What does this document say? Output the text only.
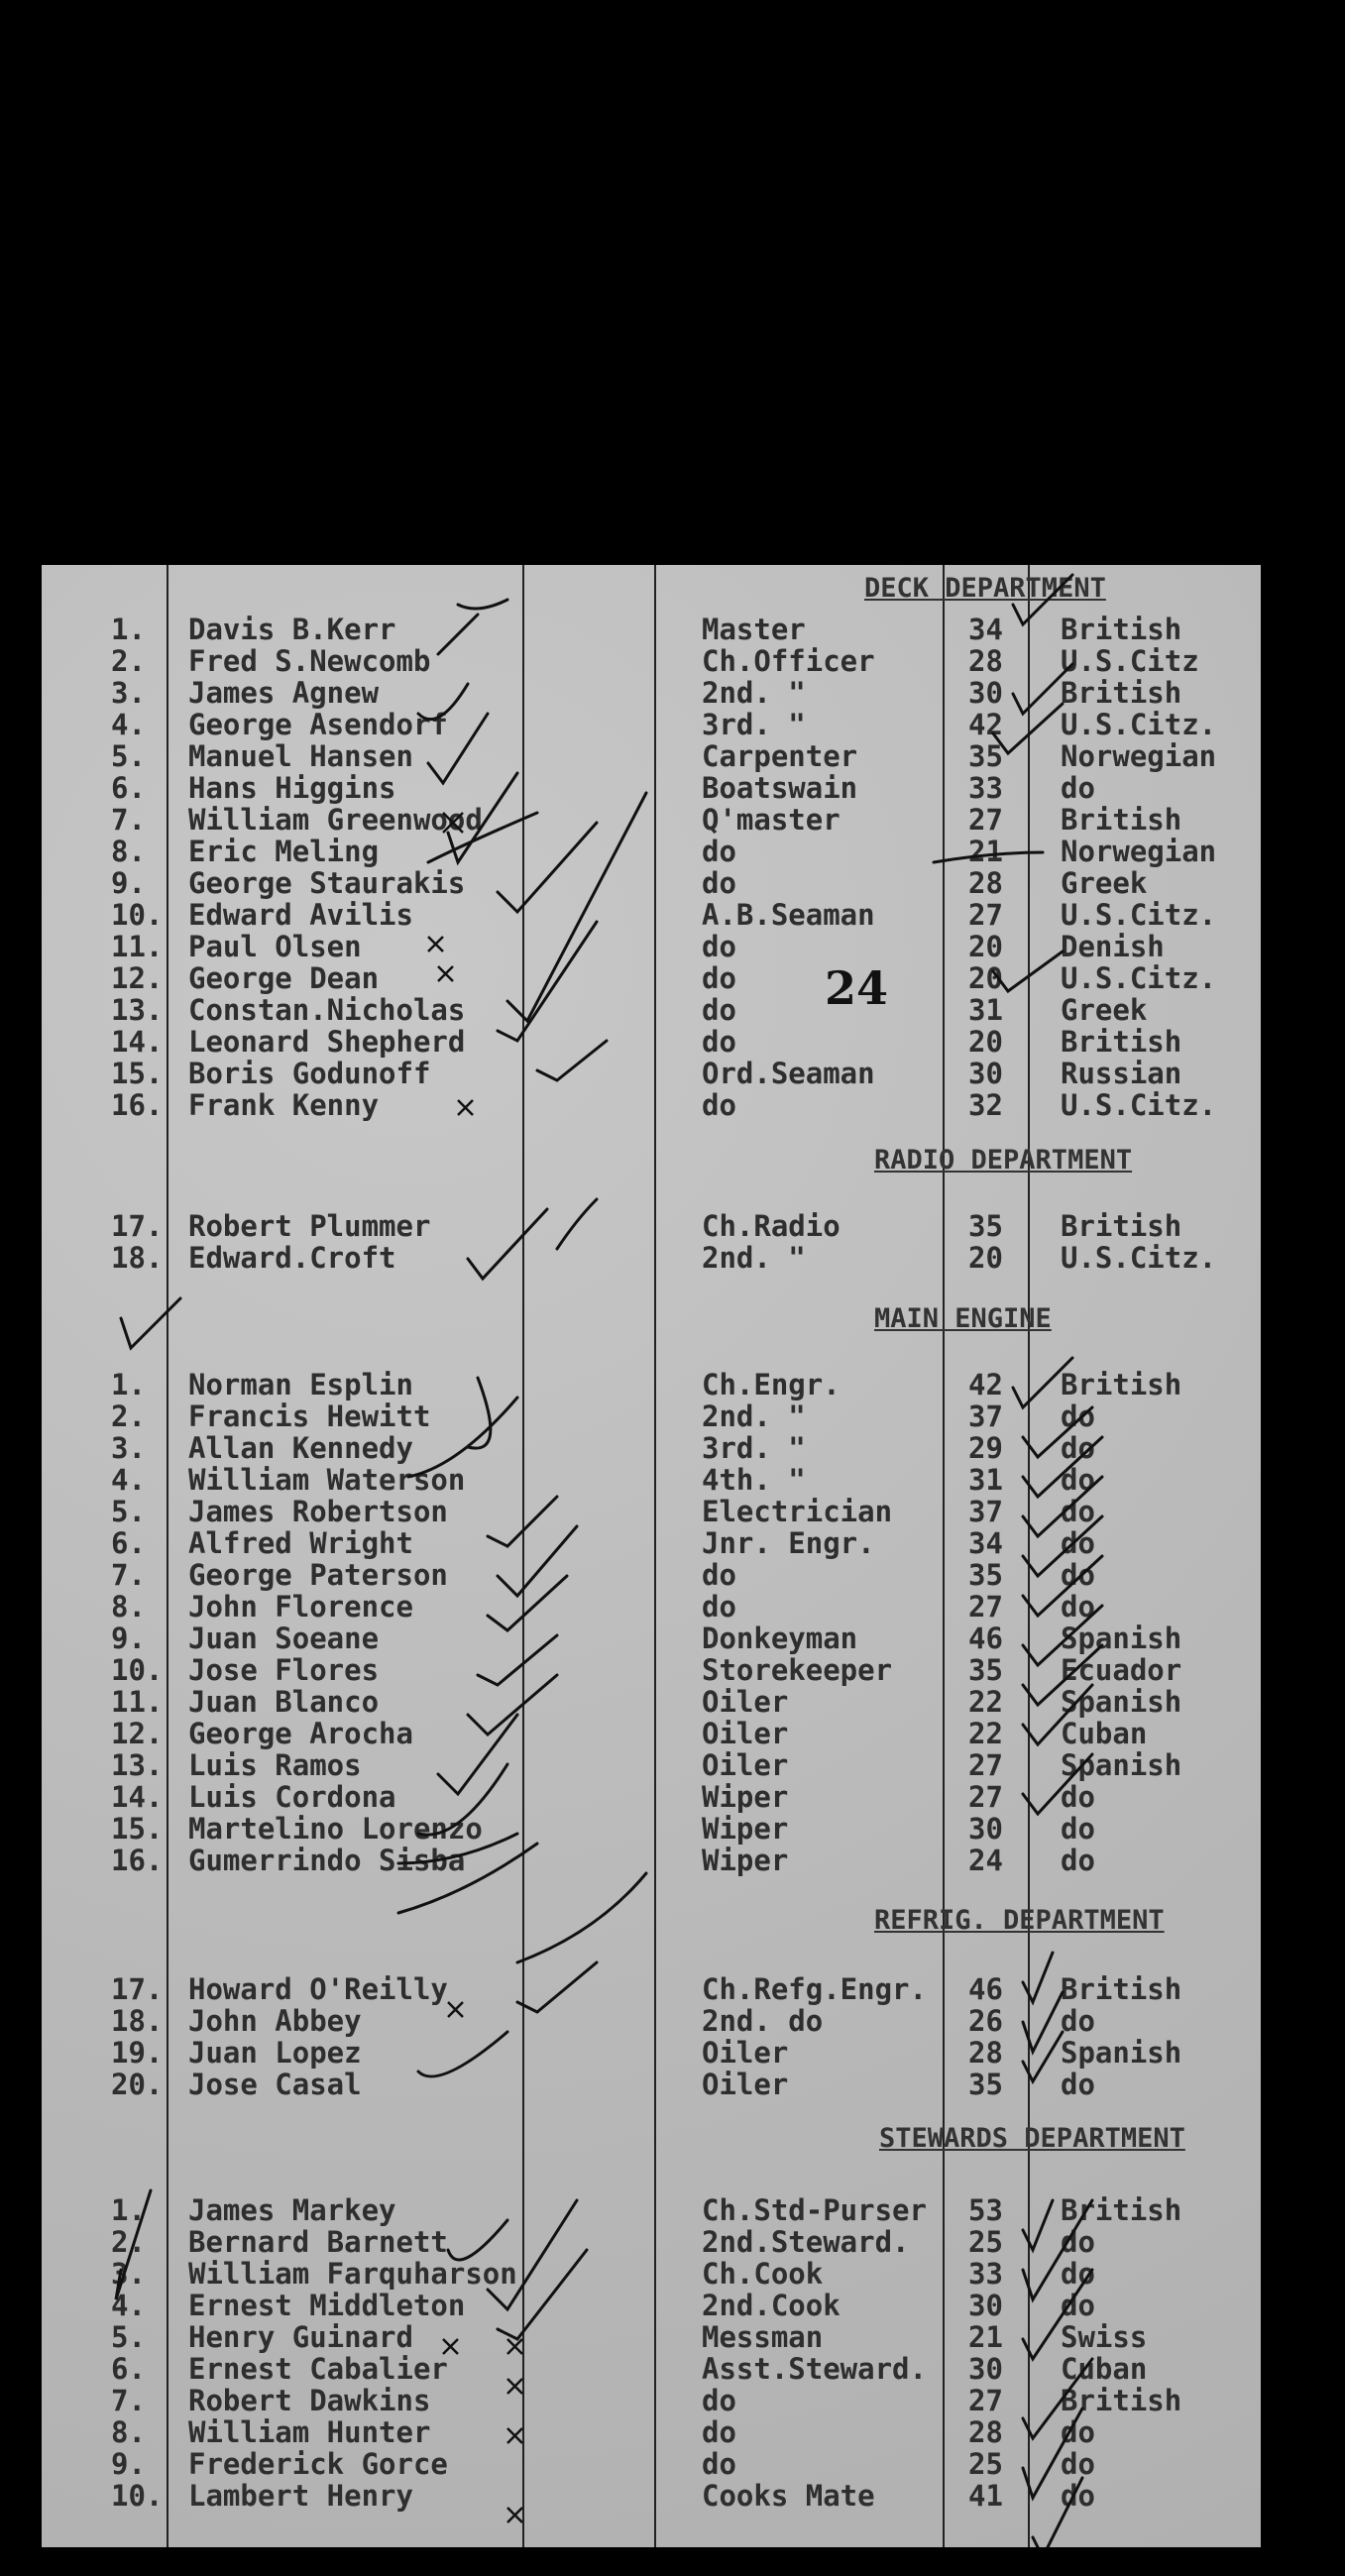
24
DECK DEPARTMENT
1. Davis B.Kerr	Master	34 British
2. Fred S.Newcomb	Ch.Officer	28 U.S.Citz
3. James Agnew	2nd. "	30 British
4. George Asendorf	3rd. "	42 U.S.Citz.
5. Manuel Hansen	Carpenter	35 Norwegian
6. Hans Higgins	Boatswain	33 do
7. William Greenwood	Q'master	27 British
8. Eric Meling	do	21 Norwegian
9. George Staurakis	do	28 Greek
10. Edward Avilis	A.B.Seaman	27 U.S.Citz.
11. Paul Olsen	do	20 Denish
12. George Dean	do	20 U.S.Citz.
13. Constan.Nicholas	do	31 Greek
14. Leonard Shepherd	do	20 British
15. Boris Godunoff	Ord.Seaman	30 Russian
16. Frank Kenny	do	32 U.S.Citz.
RADIO DEPARTMENT
17. Robert Plummer	Ch.Radio	35 British
18. Edward.Croft	2nd. "	20 U.S.Citz.
MAIN ENGINE
1. Norman Esplin	Ch.Engr.	42 British
2. Francis Hewitt	2nd. "	37 do
3. Allan Kennedy	3rd. "	29 do
4. William Waterson	4th. "	31 do
5. James Robertson	Electrician	37 do
6. Alfred Wright	Jnr. Engr.	34 do
7. George Paterson	do	35 do
8. John Florence	do	27 do
9. Juan Soeane	Donkeyman	46 Spanish
10. Jose Flores	Storekeeper	35 Ecuador
11. Juan Blanco	Oiler	22 Spanish
12. George Arocha	Oiler	22 Cuban
13. Luis Ramos	Oiler	27 Spanish
14. Luis Cordona	Wiper	27 do
15. Martelino Lorenzo	Wiper	30 do
16. Gumerrindo Sisba	Wiper	24 do
REFRIG. DEPARTMENT
17. Howard O'Reilly	Ch.Refg.Engr. 46 British
18. John Abbey	2nd. do	26 do
19. Juan Lopez	Oiler	28 Spanish
20. Jose Casal	Oiler	35 do
STEWARDS DEPARTMENT
1. James Markey	Ch.Std-Purser 53 British
2. Bernard Barnett	2nd.Steward. 25 do
3. William Farquharson	Ch.Cook	33 do
4. Ernest Middleton	2nd.Cook	30 do
5. Henry Guinard	Messman	21 Swiss
6. Ernest Cabalier	Asst.Steward. 30 Cuban
7. Robert Dawkins	do	27 British
8. William Hunter	do	28 do
9. Frederick Gorce	do	25 do
10. Lambert Henry	Cooks Mate	41 do
